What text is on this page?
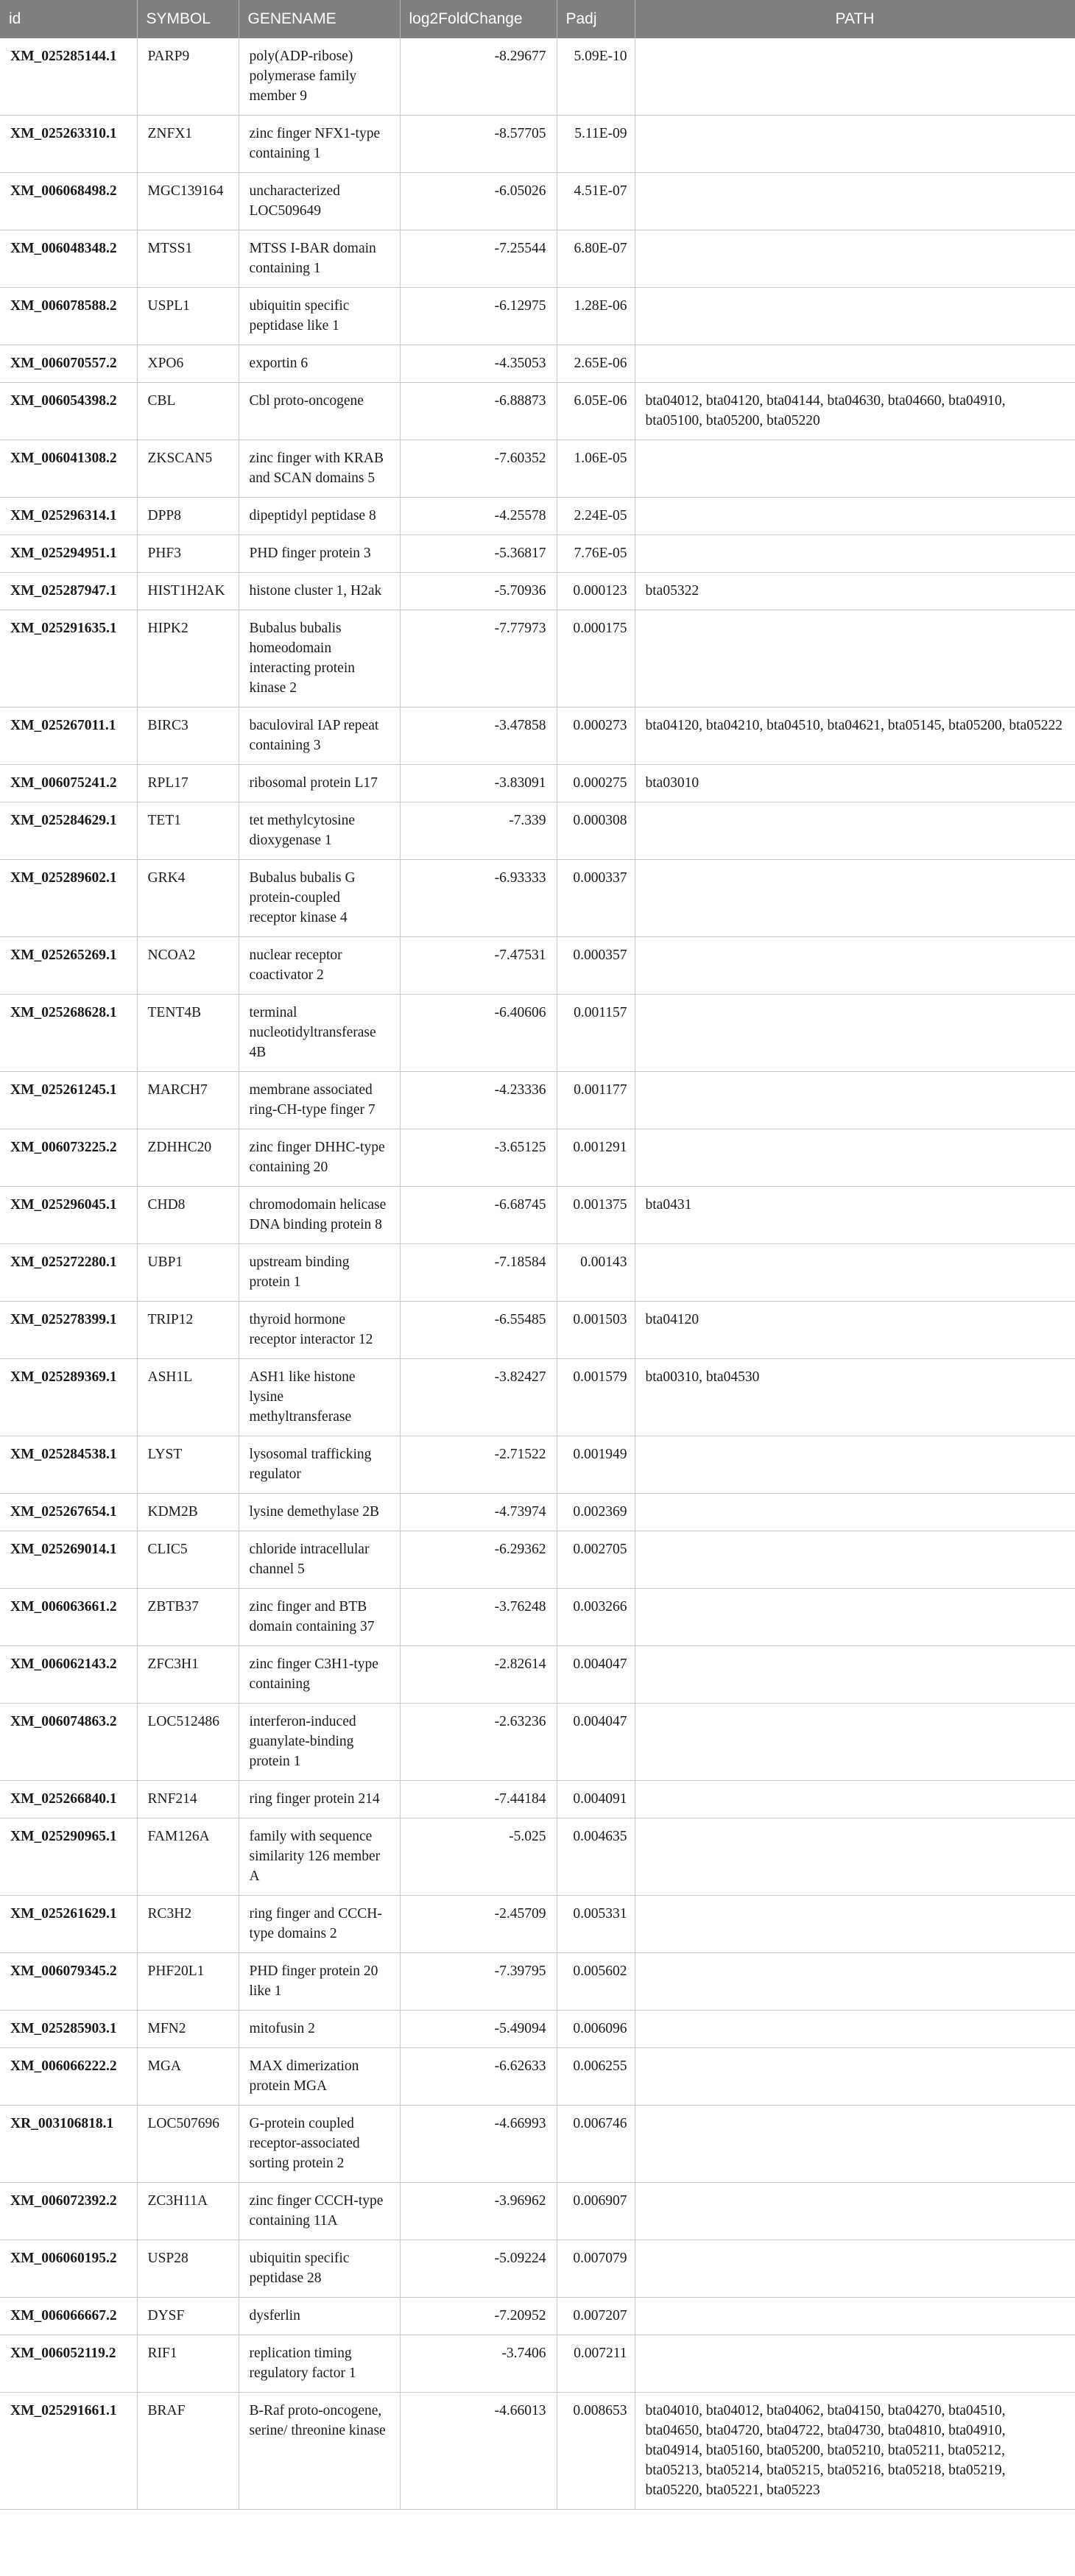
id	SYMBOL	GENENAME	log2FoldChange	Padj	PATH
XM_025285144.1	PARP9	poly(ADP-ribose) polymerase family member 9	-8.29677	5.09E-10	
XM_025263310.1	ZNFX1	zinc finger NFX1-type containing 1	-8.57705	5.11E-09	
XM_006068498.2	MGC139164	uncharacterized LOC509649	-6.05026	4.51E-07	
XM_006048348.2	MTSS1	MTSS I-BAR domain containing 1	-7.25544	6.80E-07	
XM_006078588.2	USPL1	ubiquitin specific peptidase like 1	-6.12975	1.28E-06	
XM_006070557.2	XPO6	exportin 6	-4.35053	2.65E-06	
XM_006054398.2	CBL	Cbl proto-oncogene	-6.88873	6.05E-06	bta04012, bta04120, bta04144, bta04630, bta04660, bta04910, bta05100, bta05200, bta05220
XM_006041308.2	ZKSCAN5	zinc finger with KRAB and SCAN domains 5	-7.60352	1.06E-05	
XM_025296314.1	DPP8	dipeptidyl peptidase 8	-4.25578	2.24E-05	
XM_025294951.1	PHF3	PHD finger protein 3	-5.36817	7.76E-05	
XM_025287947.1	HIST1H2AK	histone cluster 1, H2ak	-5.70936	0.000123	bta05322
XM_025291635.1	HIPK2	Bubalus bubalis homeodomain interacting protein kinase 2	-7.77973	0.000175	
XM_025267011.1	BIRC3	baculoviral IAP repeat containing 3	-3.47858	0.000273	bta04120, bta04210, bta04510, bta04621, bta05145, bta05200, bta05222
XM_006075241.2	RPL17	ribosomal protein L17	-3.83091	0.000275	bta03010
XM_025284629.1	TET1	tet methylcytosine dioxygenase 1	-7.339	0.000308	
XM_025289602.1	GRK4	Bubalus bubalis G protein-coupled receptor kinase 4	-6.93333	0.000337	
XM_025265269.1	NCOA2	nuclear receptor coactivator 2	-7.47531	0.000357	
XM_025268628.1	TENT4B	terminal nucleotidyltransferase 4B	-6.40606	0.001157	
XM_025261245.1	MARCH7	membrane associated ring-CH-type finger 7	-4.23336	0.001177	
XM_006073225.2	ZDHHC20	zinc finger DHHC-type containing 20	-3.65125	0.001291	
XM_025296045.1	CHD8	chromodomain helicase DNA binding protein 8	-6.68745	0.001375	bta0431
XM_025272280.1	UBP1	upstream binding protein 1	-7.18584	0.00143	
XM_025278399.1	TRIP12	thyroid hormone receptor interactor 12	-6.55485	0.001503	bta04120
XM_025289369.1	ASH1L	ASH1 like histone lysine methyltransferase	-3.82427	0.001579	bta00310, bta04530
XM_025284538.1	LYST	lysosomal trafficking regulator	-2.71522	0.001949	
XM_025267654.1	KDM2B	lysine demethylase 2B	-4.73974	0.002369	
XM_025269014.1	CLIC5	chloride intracellular channel 5	-6.29362	0.002705	
XM_006063661.2	ZBTB37	zinc finger and BTB domain containing 37	-3.76248	0.003266	
XM_006062143.2	ZFC3H1	zinc finger C3H1-type containing	-2.82614	0.004047	
XM_006074863.2	LOC512486	interferon-induced guanylate-binding protein 1	-2.63236	0.004047	
XM_025266840.1	RNF214	ring finger protein 214	-7.44184	0.004091	
XM_025290965.1	FAM126A	family with sequence similarity 126 member A	-5.025	0.004635	
XM_025261629.1	RC3H2	ring finger and CCCH-type domains 2	-2.45709	0.005331	
XM_006079345.2	PHF20L1	PHD finger protein 20 like 1	-7.39795	0.005602	
XM_025285903.1	MFN2	mitofusin 2	-5.49094	0.006096	
XM_006066222.2	MGA	MAX dimerization protein MGA	-6.62633	0.006255	
XR_003106818.1	LOC507696	G-protein coupled receptor-associated sorting protein 2	-4.66993	0.006746	
XM_006072392.2	ZC3H11A	zinc finger CCCH-type containing 11A	-3.96962	0.006907	
XM_006060195.2	USP28	ubiquitin specific peptidase 28	-5.09224	0.007079	
XM_006066667.2	DYSF	dysferlin	-7.20952	0.007207	
XM_006052119.2	RIF1	replication timing regulatory factor 1	-3.7406	0.007211	
XM_025291661.1	BRAF	B-Raf proto-oncogene, serine/ threonine kinase	-4.66013	0.008653	bta04010, bta04012, bta04062, bta04150, bta04270, bta04510, bta04650, bta04720, bta04722, bta04730, bta04810, bta04910, bta04914, bta05160, bta05200, bta05210, bta05211, bta05212, bta05213, bta05214, bta05215, bta05216, bta05218, bta05219, bta05220, bta05221, bta05223
